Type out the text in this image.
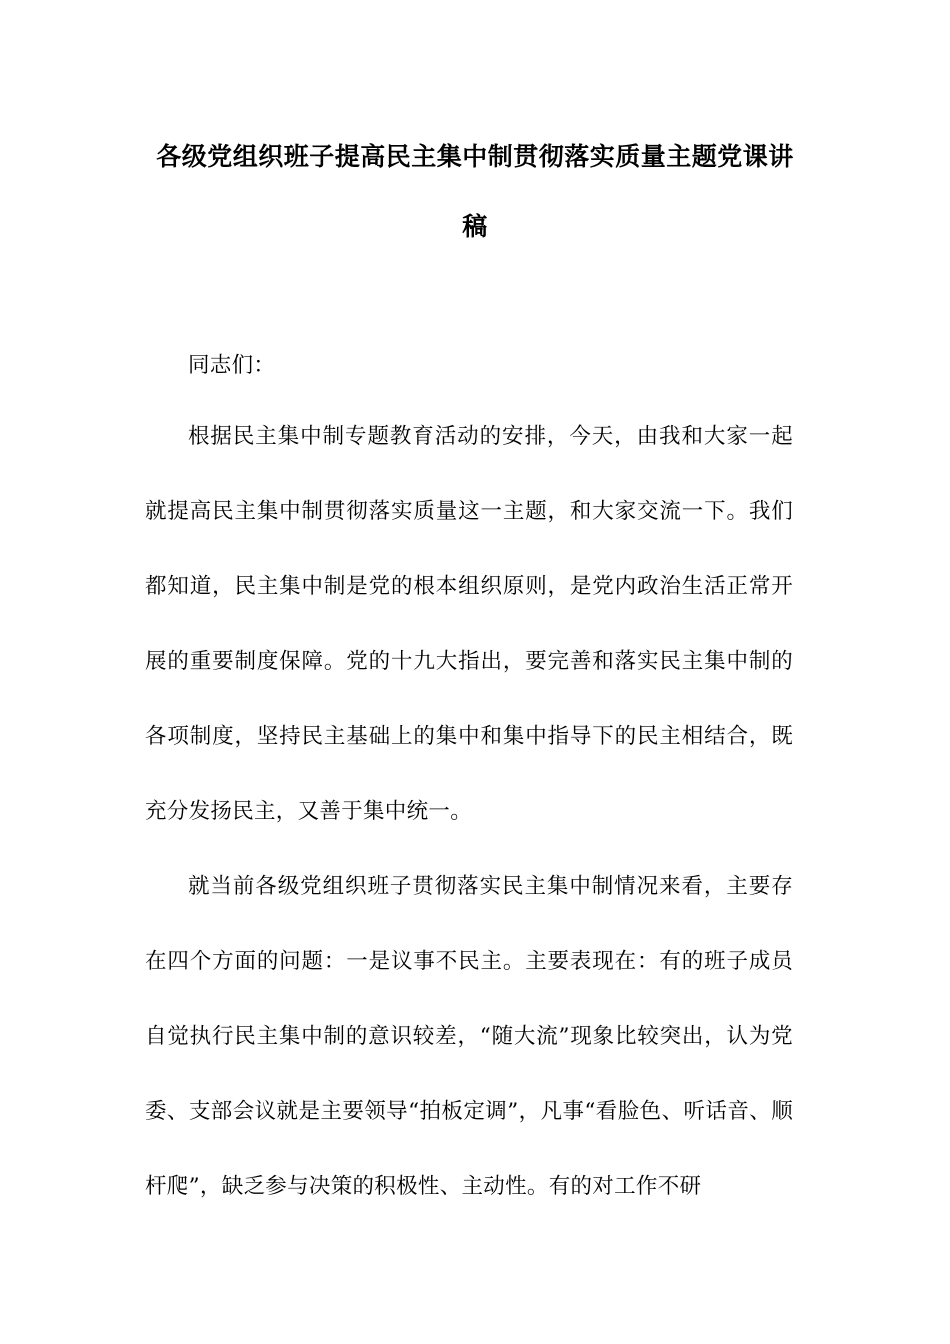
各级党组织班子提高民主集中制贯彻落实质量主题党课讲稿

同志们：

根据民主集中制专题教育活动的安排，今天，由我和大家一起就提高民主集中制贯彻落实质量这一主题，和大家交流一下。我们都知道，民主集中制是党的根本组织原则，是党内政治生活正常开展的重要制度保障。党的十九大指出，要完善和落实民主集中制的各项制度，坚持民主基础上的集中和集中指导下的民主相结合，既充分发扬民主，又善于集中统一。

就当前各级党组织班子贯彻落实民主集中制情况来看，主要存在四个方面的问题：一是议事不民主。主要表现在：有的班子成员自觉执行民主集中制的意识较差，“随大流”现象比较突出，认为党委、支部会议就是主要领导“拍板定调”，凡事“看脸色、听话音、顺杆爬”，缺乏参与决策的积极性、主动性。有的对工作不研
